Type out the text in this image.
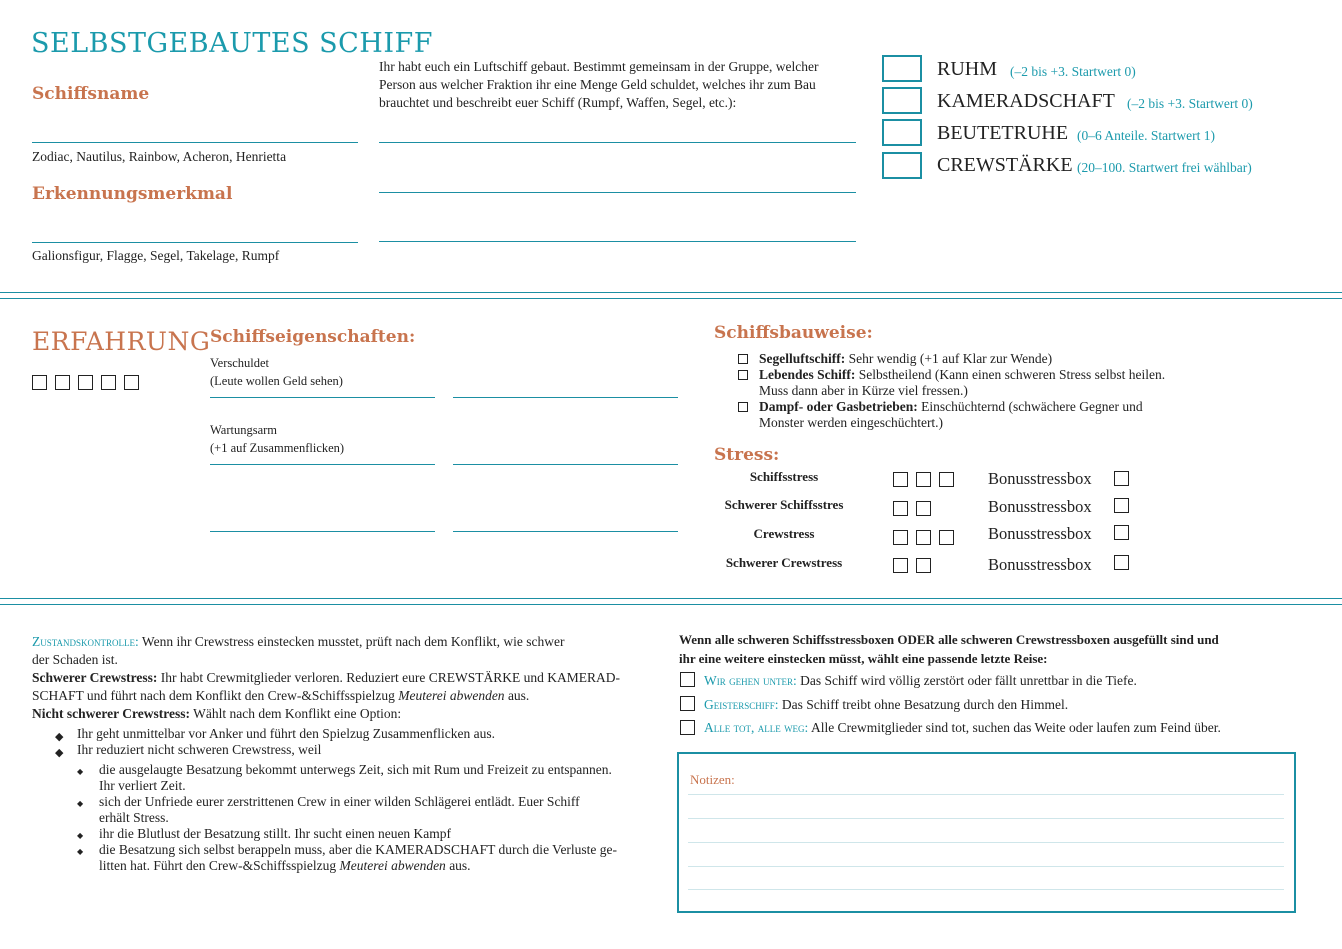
SELBSTGEBAUTES SCHIFF
Schiffsname
Zodiac, Nautilus, Rainbow, Acheron, Henrietta
Erkennungsmerkmal
Galionsfigur, Flagge, Segel, Takelage, Rumpf
Ihr habt euch ein Luftschiff gebaut. Bestimmt gemeinsam in der Gruppe, welcher
Person aus welcher Fraktion ihr eine Menge Geld schuldet, welches ihr zum Bau
brauchtet und beschreibt euer Schiff (Rumpf, Waffen, Segel, etc.):
RUHM (–2 bis +3. Startwert 0)
KAMERADSCHAFT (–2 bis +3. Startwert 0)
BEUTETRUHE (0–6 Anteile. Startwert 1)
CREWSTÄRKE (20–100. Startwert frei wählbar)
ERFAHRUNG Schiffseigenschaften:
Verschuldet
(Leute wollen Geld sehen)
Wartungsarm
(+1 auf Zusammenflicken)
Schiffsbauweise:
Segelluftschiff: Sehr wendig (+1 auf Klar zur Wende)
Lebendes Schiff: Selbstheilend (Kann einen schweren Stress selbst heilen.
Muss dann aber in Kürze viel fressen.)
Dampf- oder Gasbetrieben: Einschüchternd (schwächere Gegner und
Monster werden eingeschüchtert.)
Stress:
Schiffsstress	Bonusstressbox
Schwerer Schiffsstres	Bonusstressbox
Crewstress	Bonusstressbox
Schwerer Crewstress	Bonusstressbox
Zustandskontrolle: Wenn ihr Crewstress einstecken musstet, prüft nach dem Konflikt, wie schwer
der Schaden ist.
Schwerer Crewstress: Ihr habt Crewmitglieder verloren. Reduziert eure CREWSTÄRKE und KAMERAD-
SCHAFT und führt nach dem Konflikt den Crew-&Schiffsspielzug Meuterei abwenden aus.
Nicht schwerer Crewstress: Wählt nach dem Konflikt eine Option:
◆ Ihr geht unmittelbar vor Anker und führt den Spielzug Zusammenflicken aus.
◆ Ihr reduziert nicht schweren Crewstress, weil
◆ die ausgelaugte Besatzung bekommt unterwegs Zeit, sich mit Rum und Freizeit zu entspannen.
Ihr verliert Zeit.
◆ sich der Unfriede eurer zerstrittenen Crew in einer wilden Schlägerei entlädt. Euer Schiff
erhält Stress.
◆ ihr die Blutlust der Besatzung stillt. Ihr sucht einen neuen Kampf
◆ die Besatzung sich selbst berappeln muss, aber die KAMERADSCHAFT durch die Verluste ge-
litten hat. Führt den Crew-&Schiffsspielzug Meuterei abwenden aus.
Wenn alle schweren Schiffsstressboxen ODER alle schweren Crewstressboxen ausgefüllt sind und
ihr eine weitere einstecken müsst, wählt eine passende letzte Reise:
Wir gehen unter: Das Schiff wird völlig zerstört oder fällt unrettbar in die Tiefe.
Geisterschiff: Das Schiff treibt ohne Besatzung durch den Himmel.
Alle tot, alle weg: Alle Crewmitglieder sind tot, suchen das Weite oder laufen zum Feind über.
Notizen:
